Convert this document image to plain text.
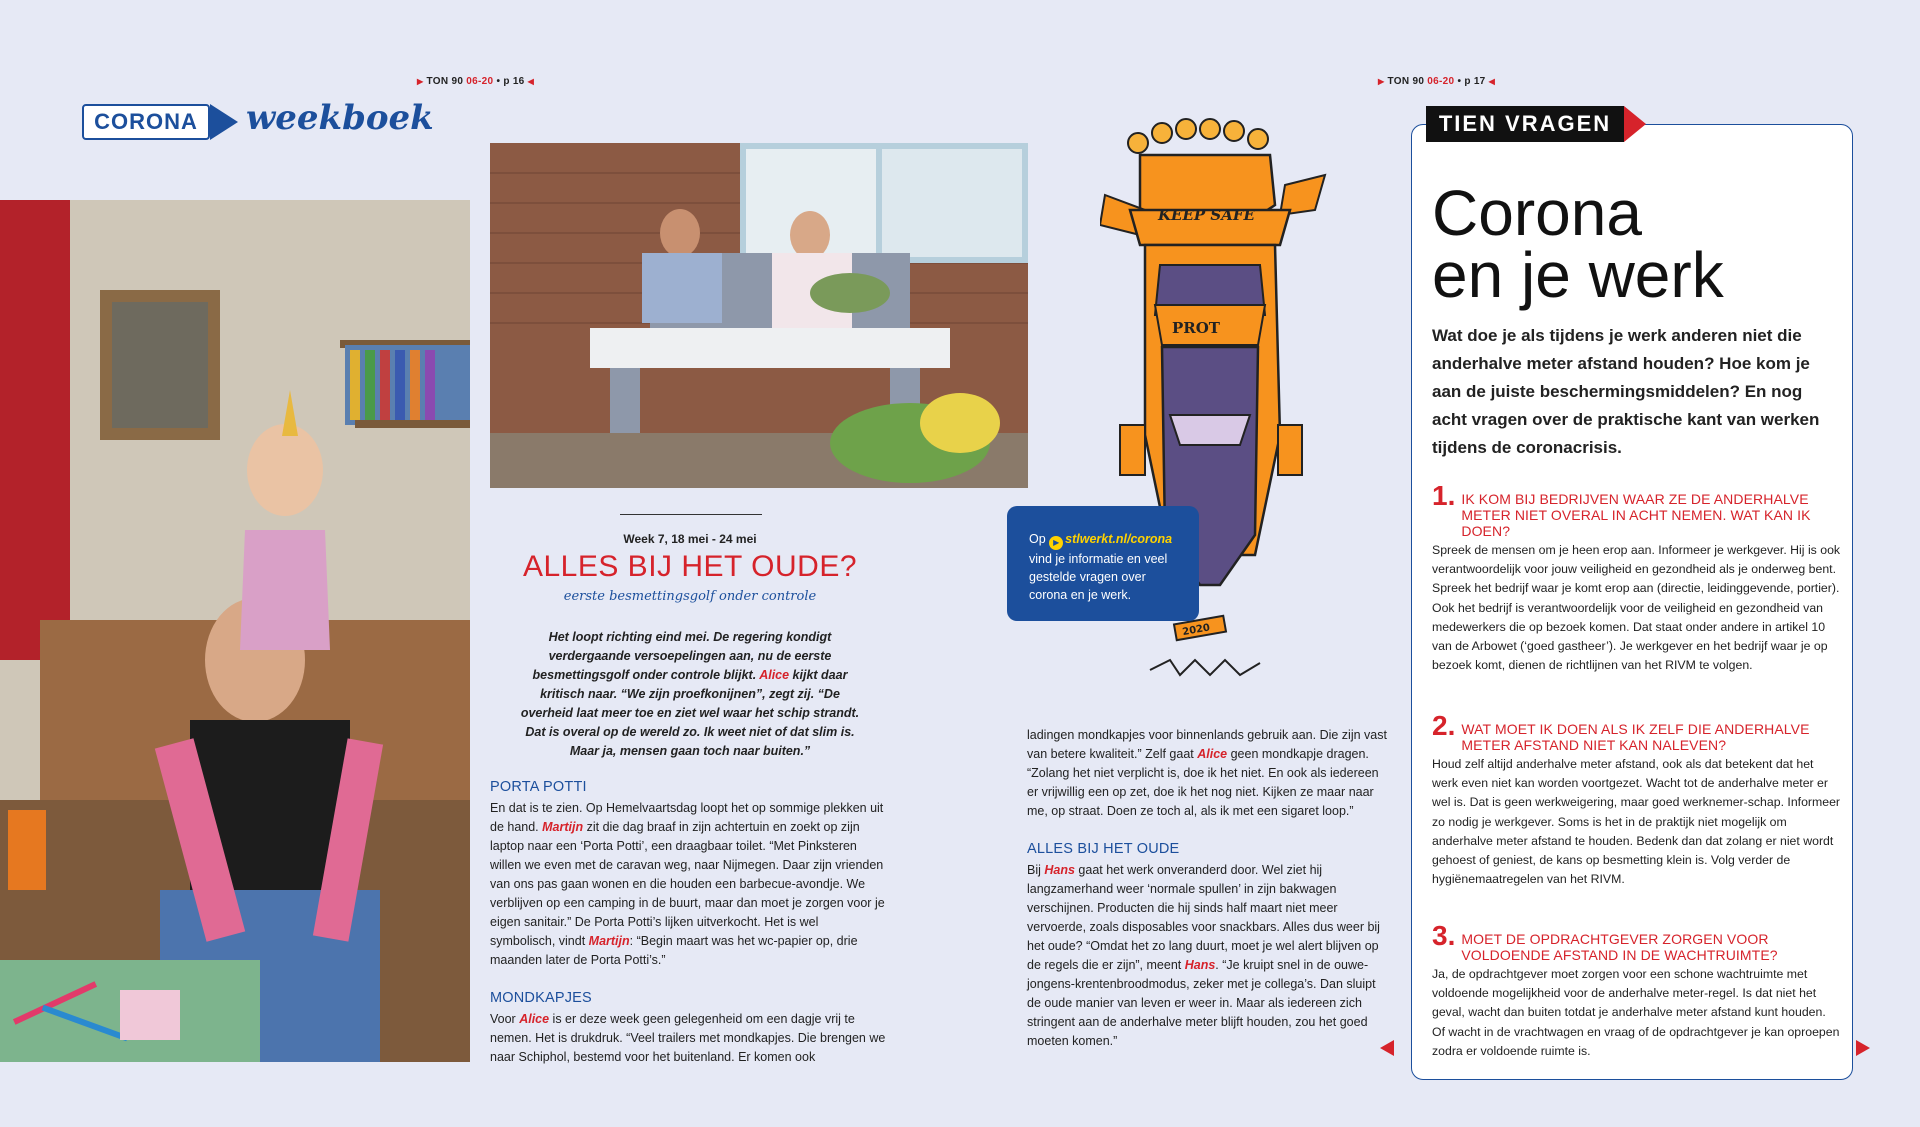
▶ TON 90 06-20 • p 16 ◀	▶ TON 90 06-20 • p 17 ◀
CORONA	weekboek
Week 7, 18 mei - 24 mei
ALLES BIJ HET OUDE?
eerste besmettingsgolf onder controle
Het loopt richting eind mei. De regering kondigt verdergaande versoepelingen aan, nu de eerste besmettingsgolf onder controle blijkt. Alice kijkt daar kritisch naar. “We zijn proefkonijnen”, zegt zij. “De overheid laat meer toe en ziet wel waar het schip strandt. Dat is overal op de wereld zo. Ik weet niet of dat slim is. Maar ja, mensen gaan toch naar buiten.”
PORTA POTTI

En dat is te zien. Op Hemelvaartsdag loopt het op sommige plekken uit de hand. Martijn zit die dag braaf in zijn achtertuin en zoekt op zijn laptop naar een ‘Porta Potti’, een draagbaar toilet. “Met Pinksteren willen we even met de caravan weg, naar Nijmegen. Daar zijn vrienden van ons pas gaan wonen en die houden een barbecue-avondje. We verblijven op een camping in de buurt, maar dan moet je zorgen voor je eigen sanitair.” De Porta Potti’s lijken uitverkocht. Het is wel symbolisch, vindt Martijn: “Begin maart was het wc-papier op, drie maanden later de Porta Potti’s.”

MONDKAPJES

Voor Alice is er deze week geen gelegenheid om een dagje vrij te nemen. Het is drukdruk. “Veel trailers met mondkapjes. Die brengen we naar Schiphol, bestemd voor het buitenland. Er komen ook

ladingen mondkapjes voor binnenlands gebruik aan. Die zijn vast van betere kwaliteit.” Zelf gaat Alice geen mondkapje dragen. “Zolang het niet verplicht is, doe ik het niet. En ook als iedereen er vrijwillig een op zet, doe ik het nog niet. Kijken ze maar naar me, op straat. Doen ze toch al, als ik met een sigaret loop.”

ALLES BIJ HET OUDE

Bij Hans gaat het werk onveranderd door. Wel ziet hij langzamerhand weer ‘normale spullen’ in zijn bakwagen verschijnen. Producten die hij sinds half maart niet meer vervoerde, zoals disposables voor snackbars. Alles dus weer bij het oude? “Omdat het zo lang duurt, moet je wel alert blijven op de regels die er zijn”, meent Hans. “Je kruipt snel in de ouwe-jongens-krentenbroodmodus, zeker met je collega’s. Dan sluipt de oude manier van leven er weer in. Maar als iedereen zich stringent aan de anderhalve meter blijft houden, zou het goed moeten komen.”

KEEP SAFE
PROT
2020
Op ▶ stlwerkt.nl/corona vind je informatie en veel gestelde vragen over corona en je werk.
TIEN VRAGEN
Corona
en je werk
Wat doe je als tijdens je werk anderen niet die anderhalve meter afstand houden? Hoe kom je aan de juiste beschermingsmiddelen? En nog acht vragen over de praktische kant van werken tijdens de coronacrisis.
1. IK KOM BIJ BEDRIJVEN WAAR ZE DE ANDERHALVE METER NIET OVERAL IN ACHT NEMEN. WAT KAN IK DOEN?
Spreek de mensen om je heen erop aan. Informeer je werkgever. Hij is ook verantwoordelijk voor jouw veiligheid en gezondheid als je onderweg bent. Spreek het bedrijf waar je komt erop aan (directie, leidinggevende, portier). Ook het bedrijf is verantwoordelijk voor de veiligheid en gezondheid van medewerkers die op bezoek komen. Dat staat onder andere in artikel 10 van de Arbowet (‘goed gastheer’). Je werkgever en het bedrijf waar je op bezoek komt, dienen de richtlijnen van het RIVM te volgen.
2. WAT MOET IK DOEN ALS IK ZELF DIE ANDERHALVE METER AFSTAND NIET KAN NALEVEN?
Houd zelf altijd anderhalve meter afstand, ook als dat betekent dat het werk even niet kan worden voortgezet. Wacht tot de anderhalve meter er wel is. Dat is geen werkweigering, maar goed werknemer-schap. Informeer zo nodig je werkgever. Soms is het in de praktijk niet mogelijk om anderhalve meter afstand te houden. Bedenk dan dat zolang er niet wordt gehoest of geniest, de kans op besmetting klein is. Volg verder de hygiënemaatregelen van het RIVM.
3. MOET DE OPDRACHTGEVER ZORGEN VOOR VOLDOENDE AFSTAND IN DE WACHTRUIMTE?
Ja, de opdrachtgever moet zorgen voor een schone wachtruimte met voldoende mogelijkheid voor de anderhalve meter-regel. Is dat niet het geval, wacht dan buiten totdat je anderhalve meter afstand kunt houden. Of wacht in de vrachtwagen en vraag of de opdrachtgever je kan oproepen zodra er voldoende ruimte is.
